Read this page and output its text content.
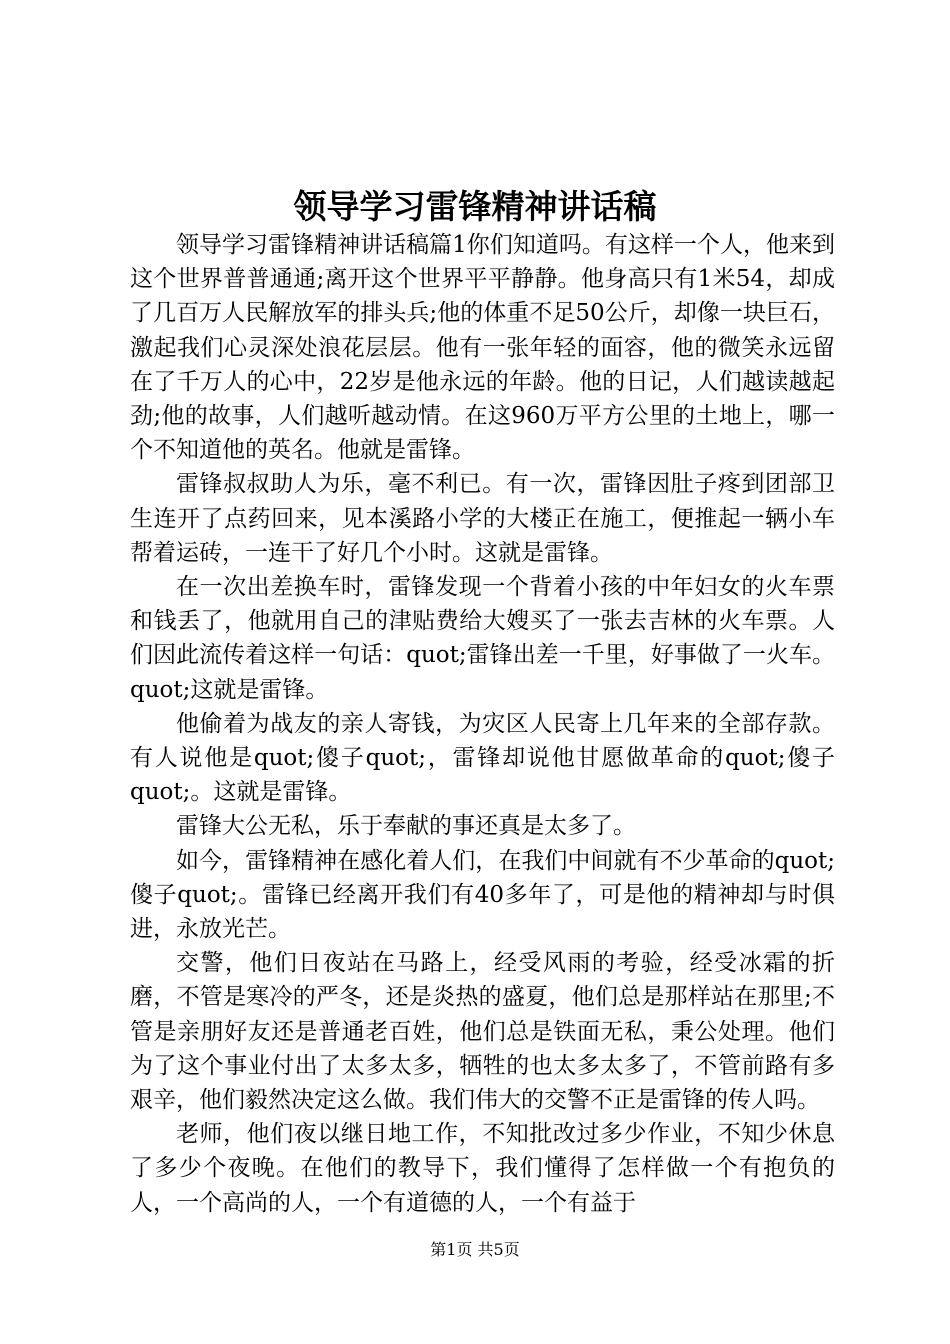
领导学习雷锋精神讲话稿

领导学习雷锋精神讲话稿篇1你们知道吗。有这样一个人，他来到这个世界普普通通;离开这个世界平平静静。他身高只有1米54，却成了几百万人民解放军的排头兵;他的体重不足50公斤，却像一块巨石，激起我们心灵深处浪花层层。他有一张年轻的面容，他的微笑永远留在了千万人的心中，22岁是他永远的年龄。他的日记，人们越读越起劲;他的故事，人们越听越动情。在这960万平方公里的土地上，哪一个不知道他的英名。他就是雷锋。

雷锋叔叔助人为乐，毫不利已。有一次，雷锋因肚子疼到团部卫生连开了点药回来，见本溪路小学的大楼正在施工，便推起一辆小车帮着运砖，一连干了好几个小时。这就是雷锋。

在一次出差换车时，雷锋发现一个背着小孩的中年妇女的火车票和钱丢了，他就用自己的津贴费给大嫂买了一张去吉林的火车票。人们因此流传着这样一句话：quot;雷锋出差一千里，好事做了一火车。quot;这就是雷锋。

他偷着为战友的亲人寄钱，为灾区人民寄上几年来的全部存款。有人说他是quot;傻子quot;，雷锋却说他甘愿做革命的quot;傻子quot;。这就是雷锋。

雷锋大公无私，乐于奉献的事还真是太多了。

如今，雷锋精神在感化着人们，在我们中间就有不少革命的quot;傻子quot;。雷锋已经离开我们有40多年了，可是他的精神却与时俱进，永放光芒。

交警，他们日夜站在马路上，经受风雨的考验，经受冰霜的折磨，不管是寒冷的严冬，还是炎热的盛夏，他们总是那样站在那里;不管是亲朋好友还是普通老百姓，他们总是铁面无私，秉公处理。他们为了这个事业付出了太多太多，牺牲的也太多太多了，不管前路有多艰辛，他们毅然决定这么做。我们伟大的交警不正是雷锋的传人吗。

老师，他们夜以继日地工作，不知批改过多少作业，不知少休息了多少个夜晚。在他们的教导下，我们懂得了怎样做一个有抱负的人，一个高尚的人，一个有道德的人，一个有益于

第1页 共5页
